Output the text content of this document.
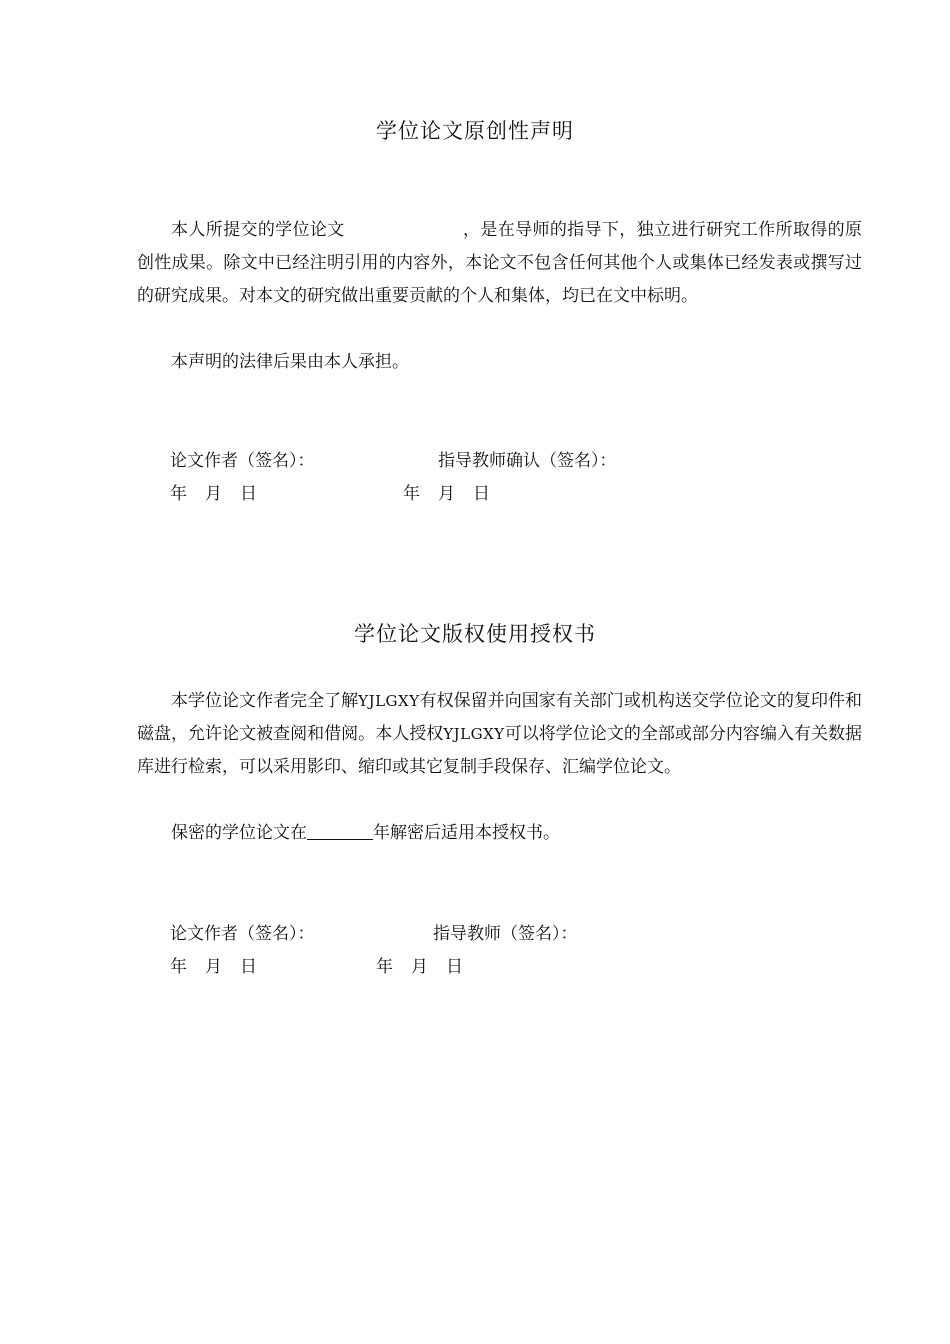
学位论文原创性声明

本人所提交的学位论文	，是在导师的指导下，独立进行研究工作所取得的原创性成果。除文中已经注明引用的内容外，本论文不包含任何其他个人或集体已经发表或撰写过的研究成果。对本文的研究做出重要贡献的个人和集体，均已在文中标明。

本声明的法律后果由本人承担。

论文作者（签名）：	指导教师确认（签名）：
年 月 日	年 月 日
学位论文版权使用授权书

本学位论文作者完全了解YJLGXY有权保留并向国家有关部门或机构送交学位论文的复印件和磁盘，允许论文被查阅和借阅。本人授权YJLGXY可以将学位论文的全部或部分内容编入有关数据库进行检索，可以采用影印、缩印或其它复制手段保存、汇编学位论文。

保密的学位论文在	年解密后适用本授权书。

论文作者（签名）：	指导教师（签名）：
年 月 日	年 月 日
